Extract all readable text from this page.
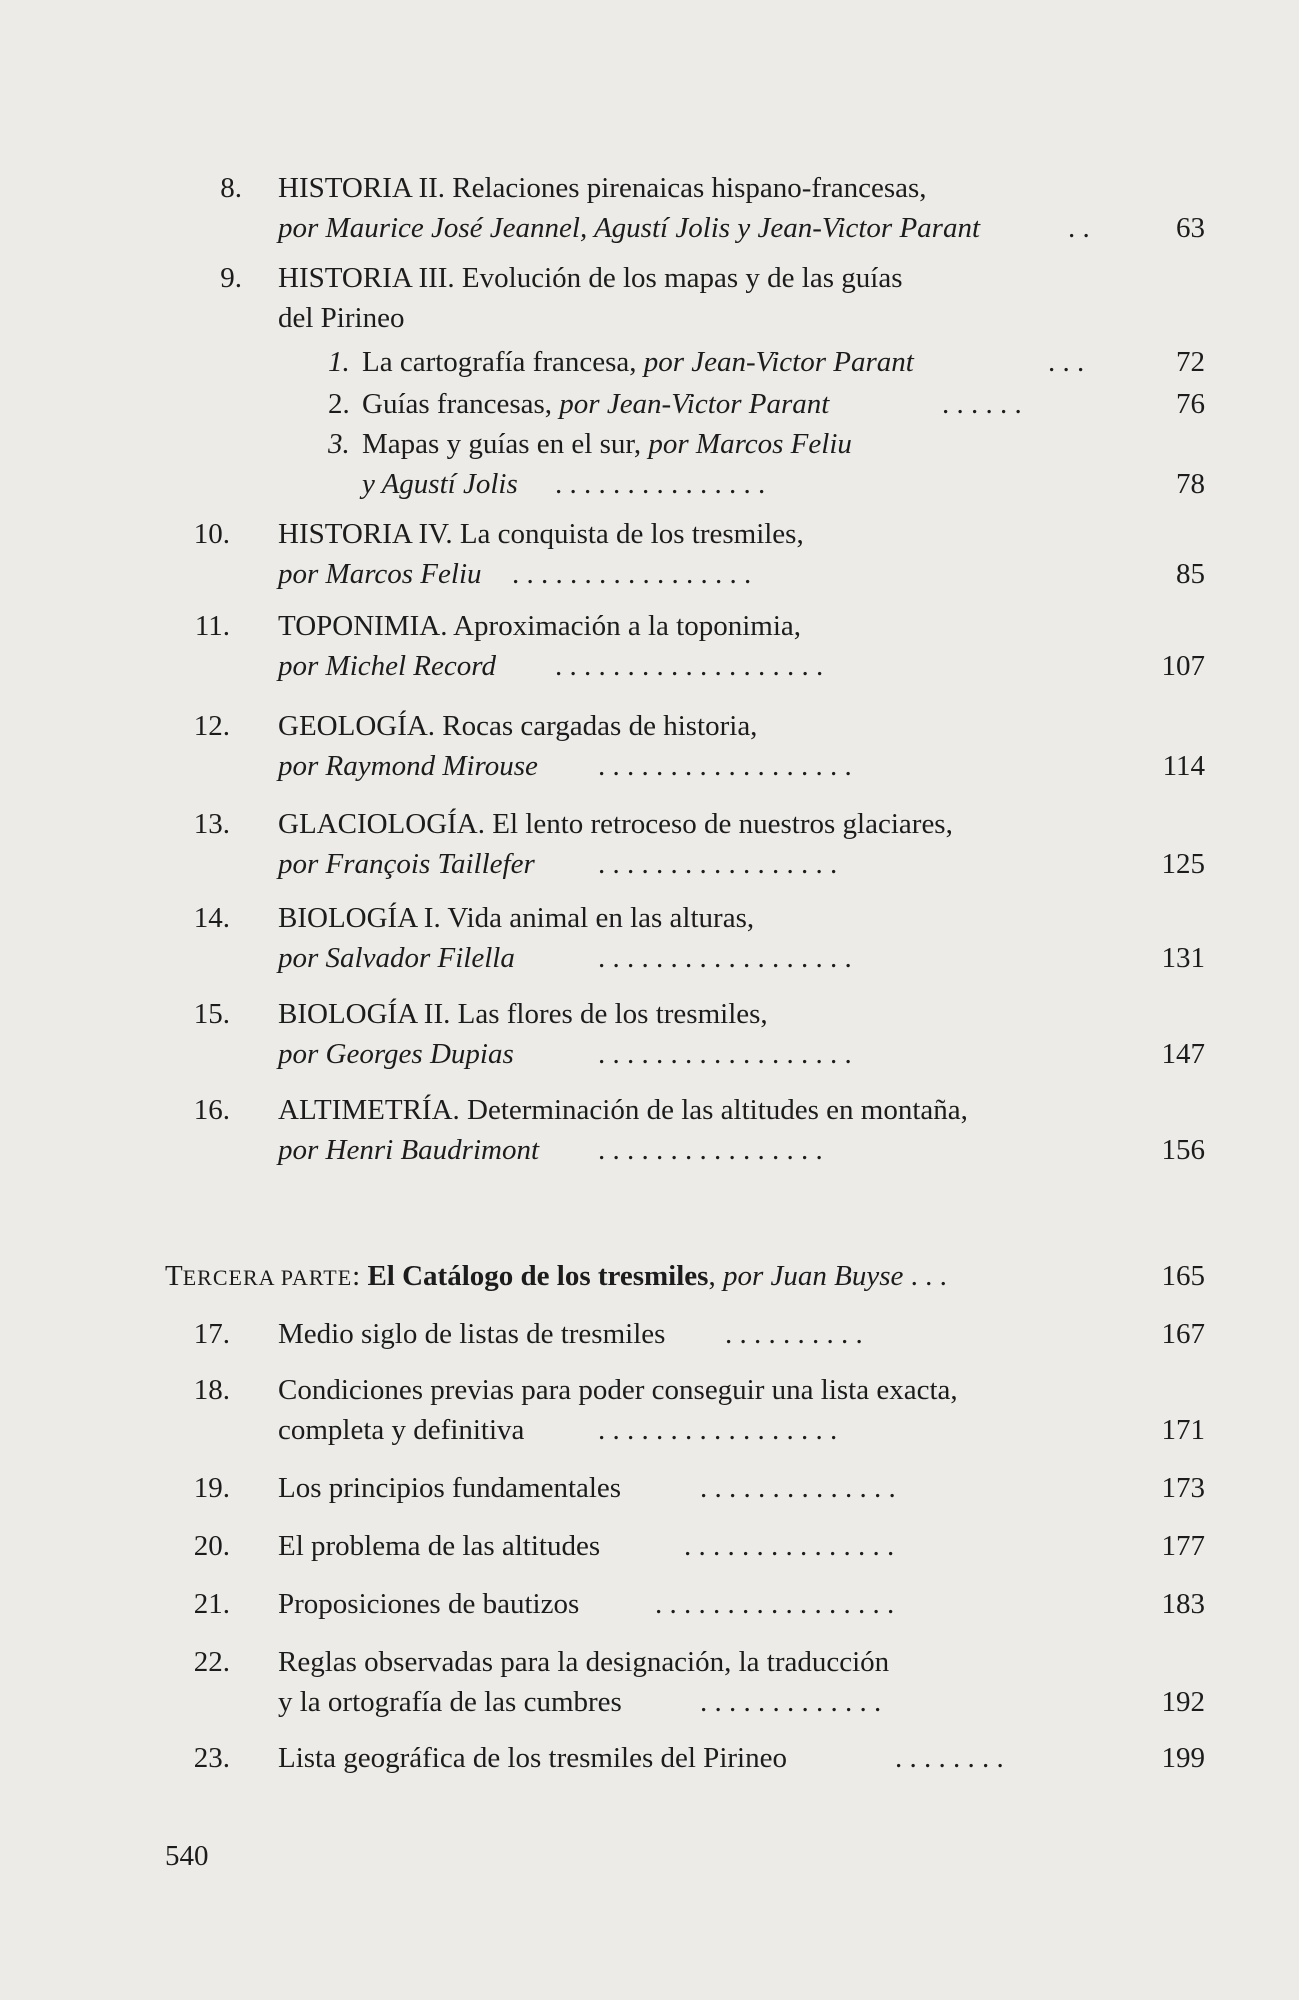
8. HISTORIA II. Relaciones pirenaicas hispano-francesas,
por Maurice José Jeannel, Agustí Jolis y Jean-Victor Parant	. .	63
9. HISTORIA III. Evolución de los mapas y de las guías
del Pirineo
1. La cartografía francesa, por Jean-Victor Parant	. . .	72
2. Guías francesas, por Jean-Victor Parant	. . . . . .	76
3. Mapas y guías en el sur, por Marcos Feliu
y Agustí Jolis . . . . . . . . . . . . . . .	78
10. HISTORIA IV. La conquista de los tresmiles,
por Marcos Feliu . . . . . . . . . . . . . . . . .	85
11. TOPONIMIA. Aproximación a la toponimia,
por Michel Record . . . . . . . . . . . . . . . . . . .	107
12. GEOLOGÍA. Rocas cargadas de historia,
por Raymond Mirouse . . . . . . . . . . . . . . . . . .	114
13. GLACIOLOGÍA. El lento retroceso de nuestros glaciares,
por François Taillefer . . . . . . . . . . . . . . . . .	125
14. BIOLOGÍA I. Vida animal en las alturas,
por Salvador Filella	. . . . . . . . . . . . . . . . . .	131
15. BIOLOGÍA II. Las flores de los tresmiles,
por Georges Dupias	. . . . . . . . . . . . . . . . . .	147
16. ALTIMETRÍA. Determinación de las altitudes en montaña,
por Henri Baudrimont . . . . . . . . . . . . . . . .	156
TERCERA PARTE: El Catálogo de los tresmiles, por Juan Buyse . . .	165
17. Medio siglo de listas de tresmiles . . . . . . . . . .	167
18. Condiciones previas para poder conseguir una lista exacta,
completa y definitiva	. . . . . . . . . . . . . . . . .	171
19. Los principios fundamentales	. . . . . . . . . . . . . .	173
20. El problema de las altitudes	. . . . . . . . . . . . . . .	177
21. Proposiciones de bautizos	. . . . . . . . . . . . . . . . .	183
22. Reglas observadas para la designación, la traducción
y la ortografía de las cumbres	. . . . . . . . . . . . .	192
23. Lista geográfica de los tresmiles del Pirineo	. . . . . . . .	199
540
